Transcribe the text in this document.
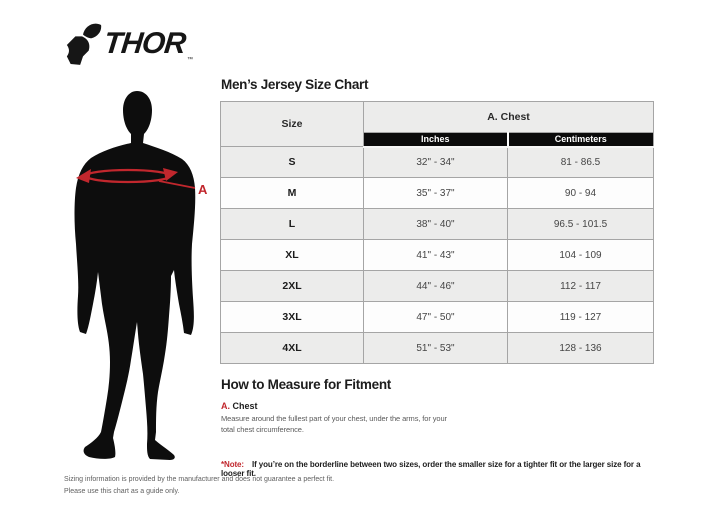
THOR ™
A
Men’s Jersey Size Chart
Size	A. Chest	
	Inches	Centimeters
S	32" - 34"	81 - 86.5
M	35" - 37"	90 - 94
L	38" - 40"	96.5 - 101.5
XL	41" - 43"	104 - 109
2XL	44" - 46"	112 - 117
3XL	47" - 50"	119 - 127
4XL	51" - 53"	128 - 136
How to Measure for Fitment
A. Chest

Measure around the fullest part of your chest, under the arms, for your total chest circumference.

*Note: If you’re on the borderline between two sizes, order the smaller size for a tighter fit or the larger size for a looser fit.
Sizing information is provided by the manufacturer and does not guarantee a perfect fit.
Please use this chart as a guide only.
